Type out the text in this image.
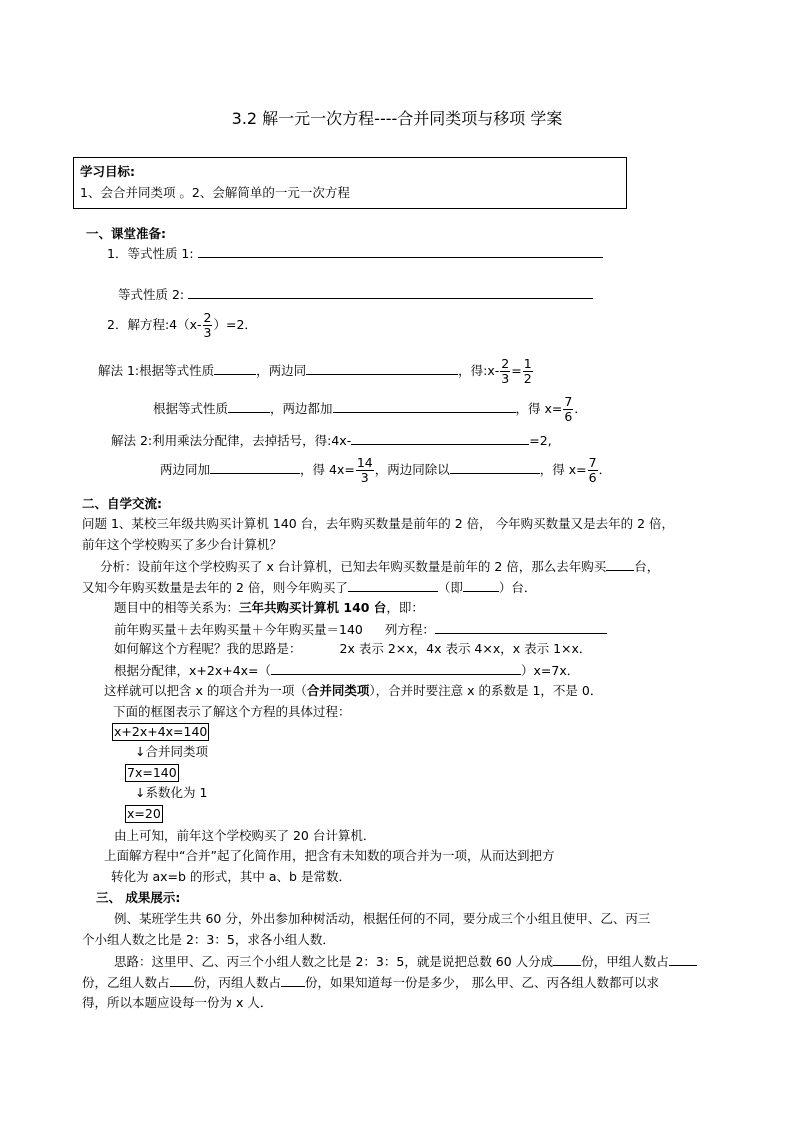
3.2 解一元一次方程----合并同类项与移项 学案
学习目标:
1、会合并同类项 。2、会解简单的一元一次方程
一、课堂准备:
1．等式性质 1:
等式性质 2:
2．解方程:4（x- $\frac{2}{3} )=2$．
解法 1:根据等式性质	，两边同	，得:x- $\frac{2}{3} = \frac{1}{2}$
根据等式性质	，两边都加	，得 $x= \frac{7}{6}$ ．
解法 2:利用乘法分配律，去掉括号，得:4x-	=2,
两边同加	，得 $4x= \frac{14}{3}$ ，两边同除以	，得 $x= \frac{7}{6}$ ．
二、自学交流:
问题 1、某校三年级共购买计算机 140 台，去年购买数量是前年的 2 倍， 今年购买数量又是去年的 2 倍，
前年这个学校购买了多少台计算机？
分析：设前年这个学校购买了 x 台计算机，已知去年购买数量是前年的 2 倍，那么去年购买 台，
又知今年购买数量是去年的 2 倍，则今年购买了	（即	）台．
题目中的相等关系为：三年共购买计算机 140 台，即：
前年购买量＋去年购买量＋今年购买量＝140 列方程：
如何解这个方程呢？我的思路是：	2x 表示 2×x，4x 表示 4×x，x 表示 1×x．
根据分配律，x+2x+4x=（	）x=7x．
这样就可以把含 x 的项合并为一项（合并同类项），合并时要注意 x 的系数是 1，不是 0．
下面的框图表示了解这个方程的具体过程：
x+2x+4x=140
↓合并同类项
7x=140
↓系数化为 1
x=20
由上可知，前年这个学校购买了 20 台计算机．
上面解方程中“合并”起了化简作用，把含有未知数的项合并为一项，从而达到把方
转化为 ax=b 的形式，其中 a、b 是常数．
三、 成果展示:
例、某班学生共 60 分，外出参加种树活动，根据任何的不同，要分成三个小组且使甲、乙、丙三
个小组人数之比是 2：3：5，求各小组人数．
思路：这里甲、乙、丙三个小组人数之比是 2：3：5，就是说把总数 60 人分成 份，甲组人数占
份，乙组人数占 份，丙组人数占 份，如果知道每一份是多少， 那么甲、乙、丙各组人数都可以求
得，所以本题应设每一份为 x 人．
